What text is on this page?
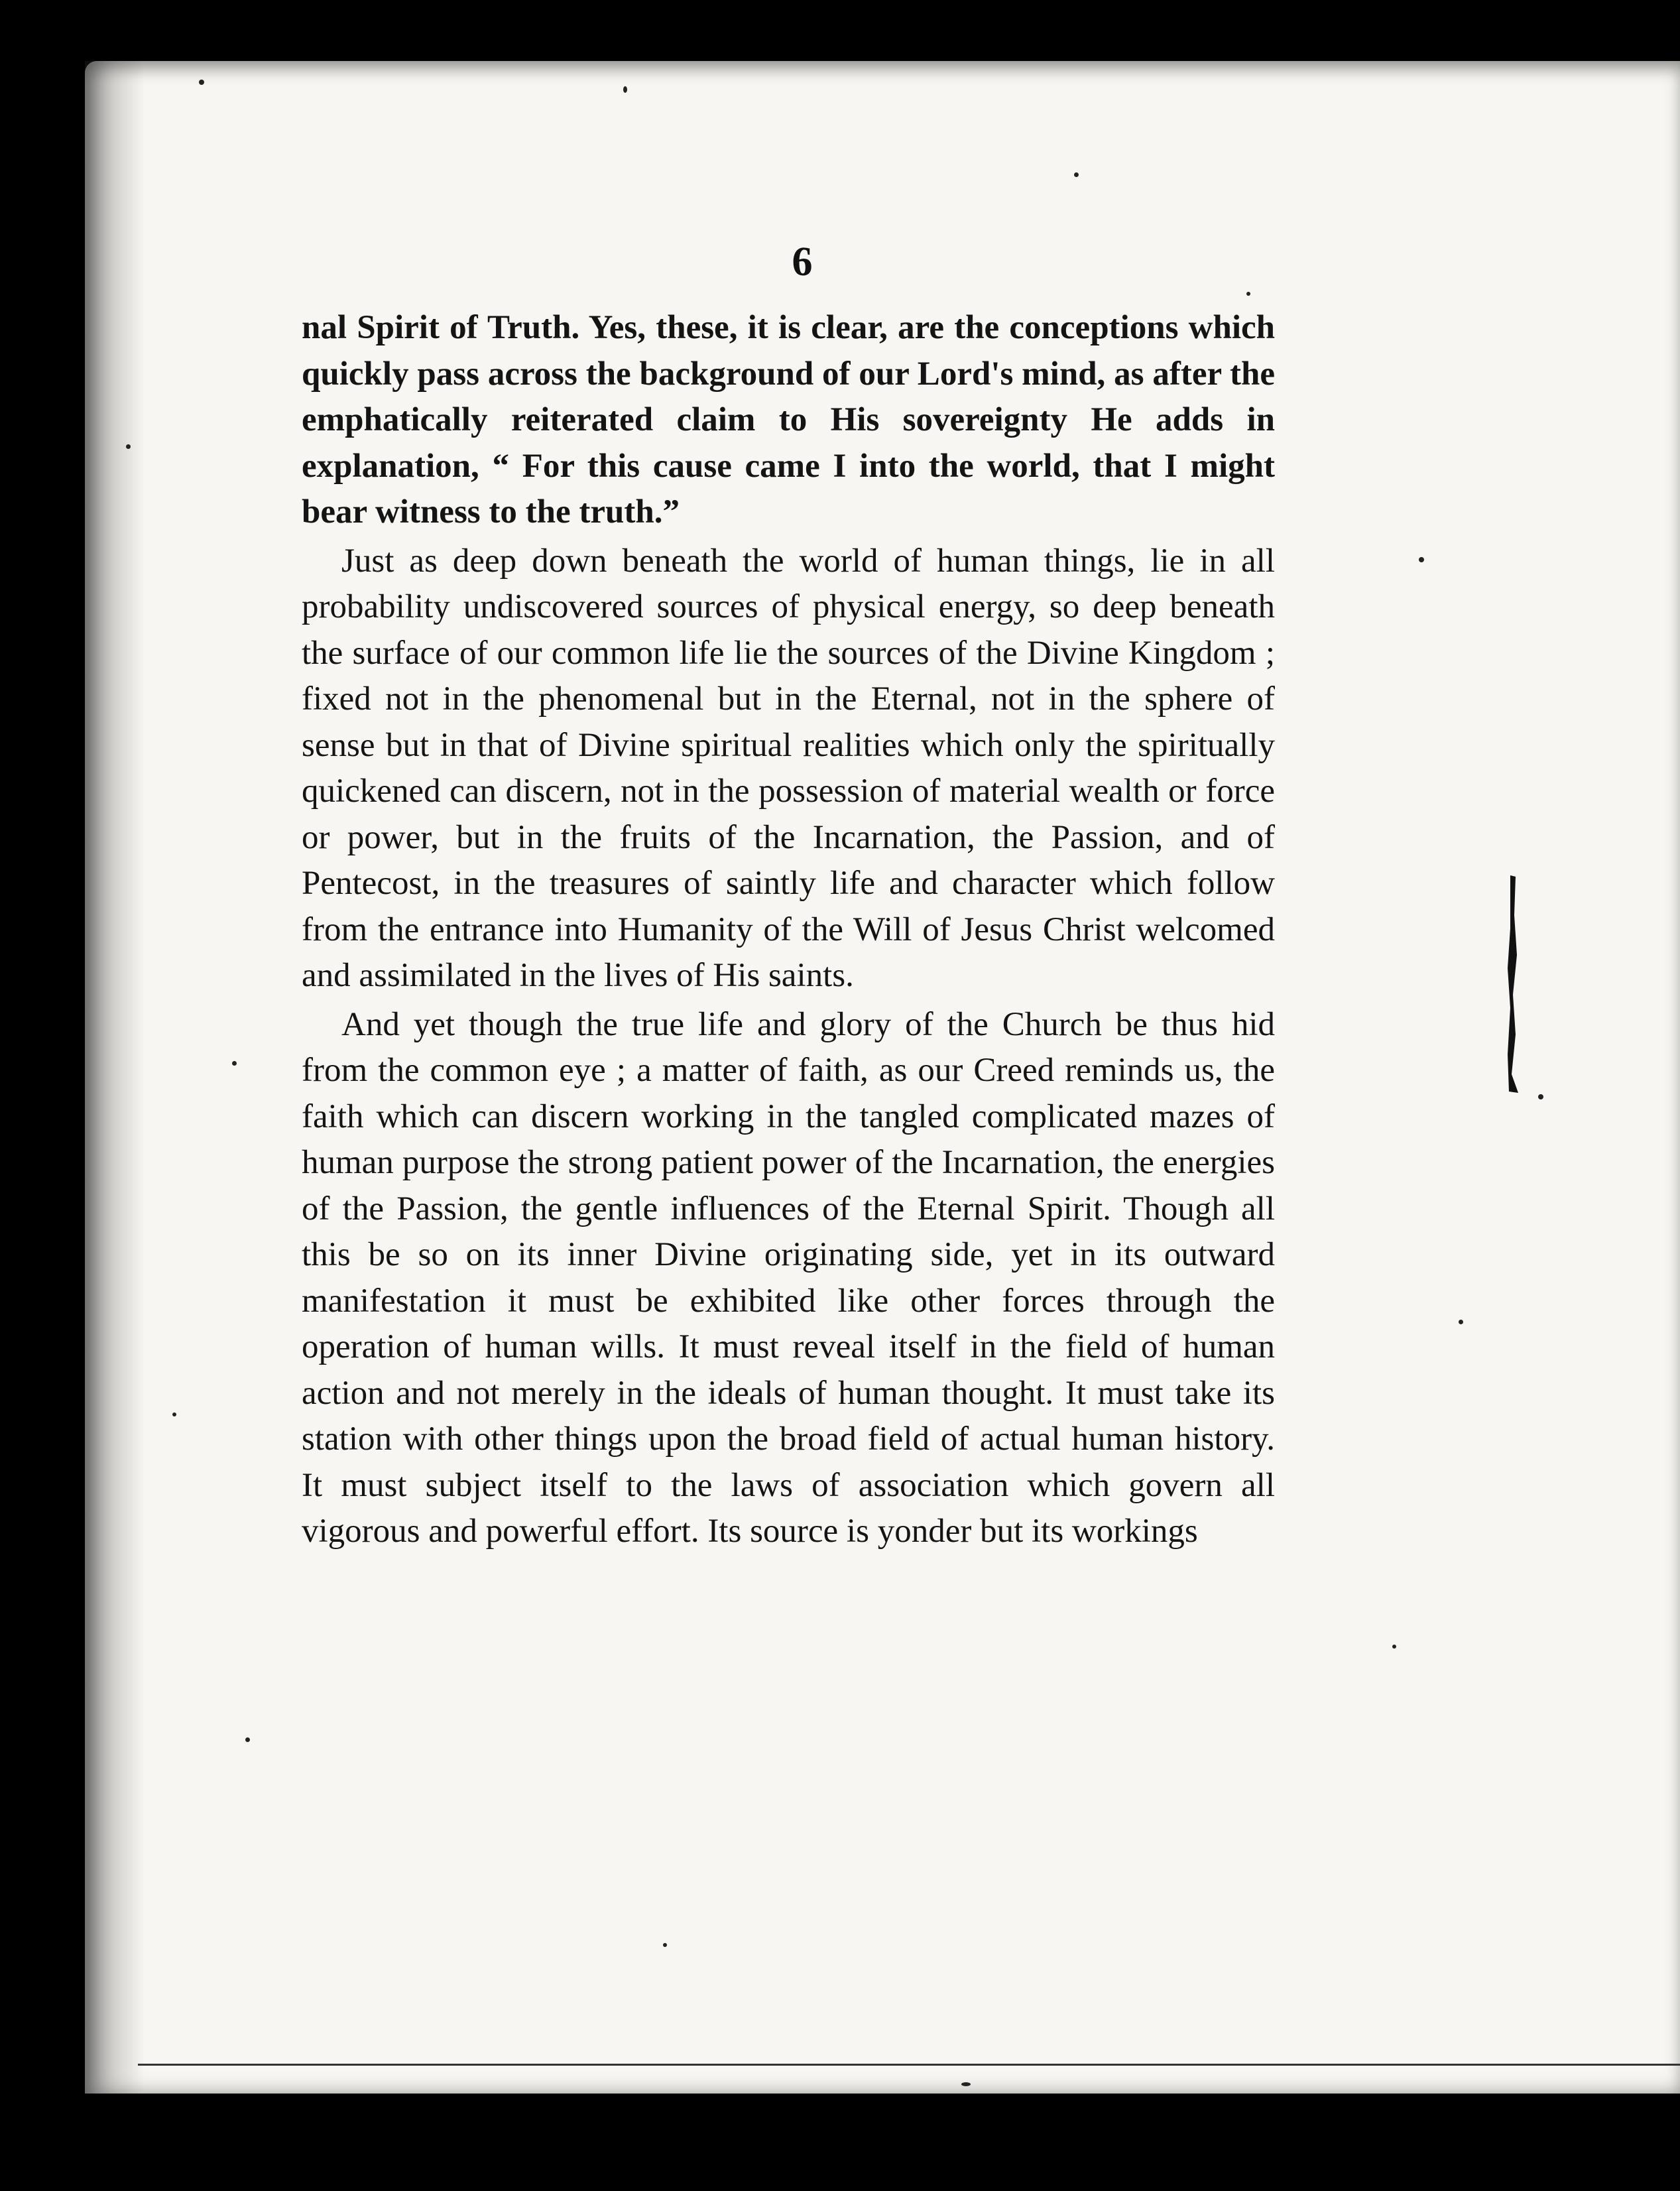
6

nal Spirit of Truth. Yes, these, it is clear, are the conceptions which quickly pass across the background of our Lord's mind, as after the emphatically reiterated claim to His sovereignty He adds in explanation, “ For this cause came I into the world, that I might bear witness to the truth.”

Just as deep down beneath the world of human things, lie in all probability undiscovered sources of physical energy, so deep beneath the surface of our common life lie the sources of the Divine Kingdom ; fixed not in the phenomenal but in the Eternal, not in the sphere of sense but in that of Divine spiritual realities which only the spiritually quickened can discern, not in the possession of material wealth or force or power, but in the fruits of the Incarnation, the Passion, and of Pentecost, in the treasures of saintly life and character which follow from the entrance into Humanity of the Will of Jesus Christ welcomed and assimilated in the lives of His saints.

And yet though the true life and glory of the Church be thus hid from the common eye ; a matter of faith, as our Creed reminds us, the faith which can discern working in the tangled complicated mazes of human purpose the strong patient power of the Incarnation, the energies of the Passion, the gentle influences of the Eternal Spirit. Though all this be so on its inner Divine originating side, yet in its outward manifestation it must be exhibited like other forces through the operation of human wills. It must reveal itself in the field of human action and not merely in the ideals of human thought. It must take its station with other things upon the broad field of actual human history. It must subject itself to the laws of association which govern all vigorous and powerful effort. Its source is yonder but its workings
